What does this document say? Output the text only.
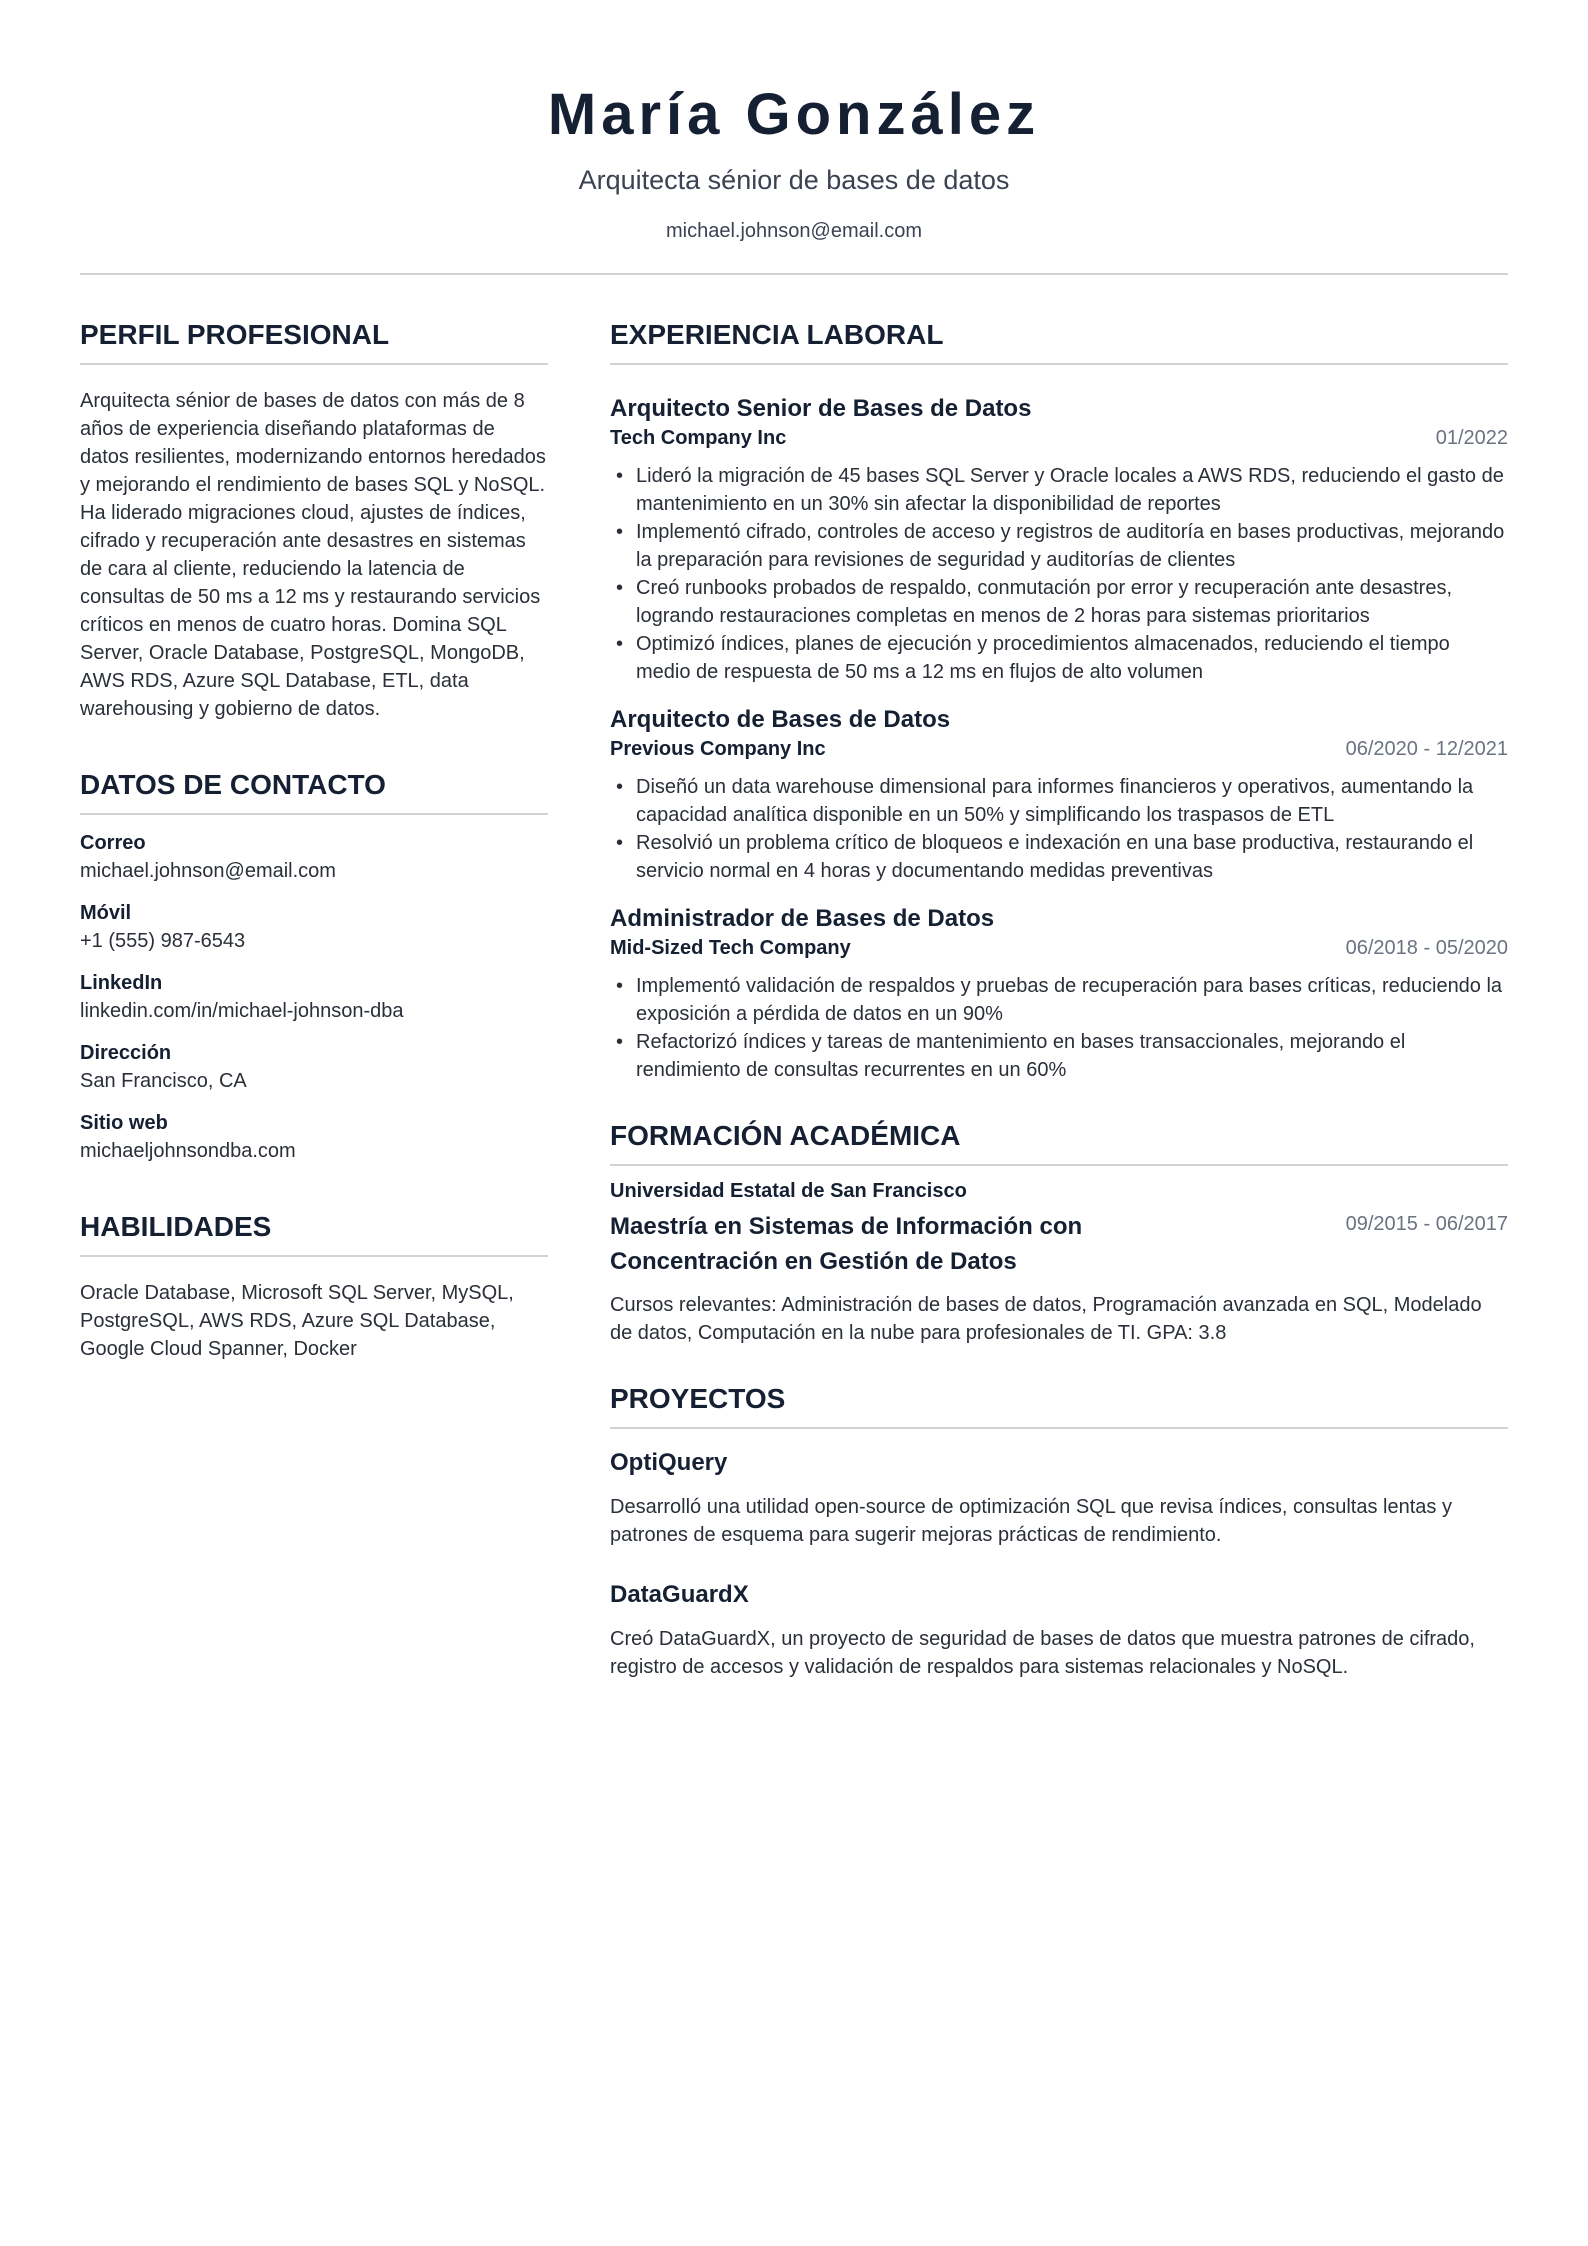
María González
Arquitecta sénior de bases de datos
michael.johnson@email.com
PERFIL PROFESIONAL
Arquitecta sénior de bases de datos con más de 8 años de experiencia diseñando plataformas de datos resilientes, modernizando entornos heredados y mejorando el rendimiento de bases SQL y NoSQL. Ha liderado migraciones cloud, ajustes de índices, cifrado y recuperación ante desastres en sistemas de cara al cliente, reduciendo la latencia de consultas de 50 ms a 12 ms y restaurando servicios críticos en menos de cuatro horas. Domina SQL Server, Oracle Database, PostgreSQL, MongoDB, AWS RDS, Azure SQL Database, ETL, data warehousing y gobierno de datos.
DATOS DE CONTACTO
Correo
michael.johnson@email.com
Móvil
+1 (555) 987-6543
LinkedIn
linkedin.com/in/michael-johnson-dba
Dirección
San Francisco, CA
Sitio web
michaeljohnsondba.com
HABILIDADES
Oracle Database, Microsoft SQL Server, MySQL, PostgreSQL, AWS RDS, Azure SQL Database, Google Cloud Spanner, Docker
EXPERIENCIA LABORAL
Arquitecto Senior de Bases de Datos
Tech Company Inc	01/2022
• Lideró la migración de 45 bases SQL Server y Oracle locales a AWS RDS, reduciendo el gasto de mantenimiento en un 30% sin afectar la disponibilidad de reportes
• Implementó cifrado, controles de acceso y registros de auditoría en bases productivas, mejorando la preparación para revisiones de seguridad y auditorías de clientes
• Creó runbooks probados de respaldo, conmutación por error y recuperación ante desastres, logrando restauraciones completas en menos de 2 horas para sistemas prioritarios
• Optimizó índices, planes de ejecución y procedimientos almacenados, reduciendo el tiempo medio de respuesta de 50 ms a 12 ms en flujos de alto volumen
Arquitecto de Bases de Datos
Previous Company Inc	06/2020 - 12/2021
• Diseñó un data warehouse dimensional para informes financieros y operativos, aumentando la capacidad analítica disponible en un 50% y simplificando los traspasos de ETL
• Resolvió un problema crítico de bloqueos e indexación en una base productiva, restaurando el servicio normal en 4 horas y documentando medidas preventivas
Administrador de Bases de Datos
Mid-Sized Tech Company	06/2018 - 05/2020
• Implementó validación de respaldos y pruebas de recuperación para bases críticas, reduciendo la exposición a pérdida de datos en un 90%
• Refactorizó índices y tareas de mantenimiento en bases transaccionales, mejorando el rendimiento de consultas recurrentes en un 60%
FORMACIÓN ACADÉMICA
Universidad Estatal de San Francisco
Maestría en Sistemas de Información con Concentración en Gestión de Datos
09/2015 - 06/2017
Cursos relevantes: Administración de bases de datos, Programación avanzada en SQL, Modelado de datos, Computación en la nube para profesionales de TI. GPA: 3.8
PROYECTOS
OptiQuery
Desarrolló una utilidad open-source de optimización SQL que revisa índices, consultas lentas y patrones de esquema para sugerir mejoras prácticas de rendimiento.
DataGuardX
Creó DataGuardX, un proyecto de seguridad de bases de datos que muestra patrones de cifrado, registro de accesos y validación de respaldos para sistemas relacionales y NoSQL.
